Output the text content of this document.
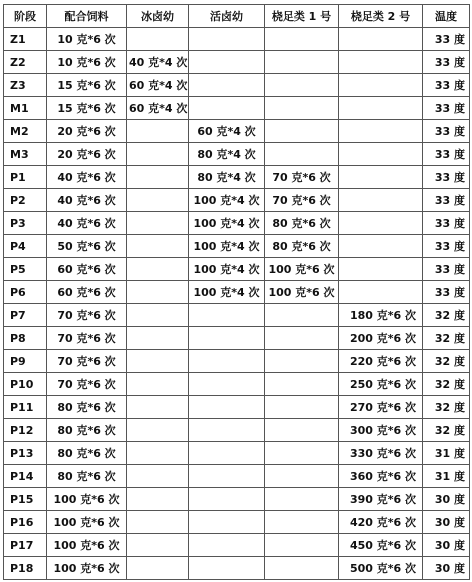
阶段	配合饲料	冰卤幼	活卤幼	桡足类 1 号	桡足类 2 号	温度
Z1	10 克*6 次					33 度
Z2	10 克*6 次	40 克*4 次				33 度
Z3	15 克*6 次	60 克*4 次				33 度
M1	15 克*6 次	60 克*4 次				33 度
M2	20 克*6 次		60 克*4 次			33 度
M3	20 克*6 次		80 克*4 次			33 度
P1	40 克*6 次		80 克*4 次	70 克*6 次		33 度
P2	40 克*6 次		100 克*4 次	70 克*6 次		33 度
P3	40 克*6 次		100 克*4 次	80 克*6 次		33 度
P4	50 克*6 次		100 克*4 次	80 克*6 次		33 度
P5	60 克*6 次		100 克*4 次	100 克*6 次		33 度
P6	60 克*6 次		100 克*4 次	100 克*6 次		33 度
P7	70 克*6 次				180 克*6 次	32 度
P8	70 克*6 次				200 克*6 次	32 度
P9	70 克*6 次				220 克*6 次	32 度
P10	70 克*6 次				250 克*6 次	32 度
P11	80 克*6 次				270 克*6 次	32 度
P12	80 克*6 次				300 克*6 次	32 度
P13	80 克*6 次				330 克*6 次	31 度
P14	80 克*6 次				360 克*6 次	31 度
P15	100 克*6 次				390 克*6 次	30 度
P16	100 克*6 次				420 克*6 次	30 度
P17	100 克*6 次				450 克*6 次	30 度
P18	100 克*6 次				500 克*6 次	30 度
